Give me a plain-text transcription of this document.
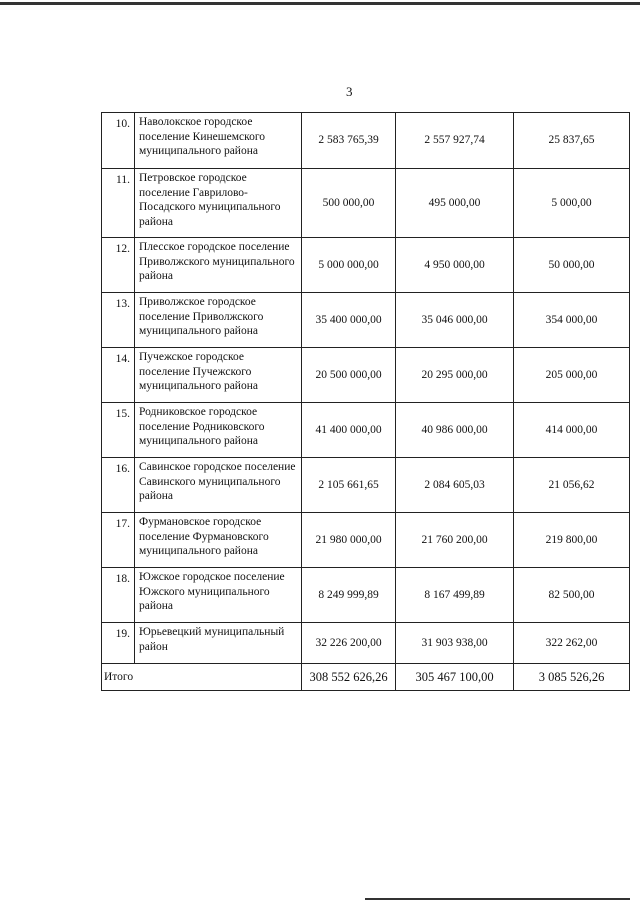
3
10.	Наволокское городское поселение Кинешемского муниципального района	2 583 765,39	2 557 927,74	25 837,65
11.	Петровское городское поселение Гаврилово-Посадского муниципального района	500 000,00	495 000,00	5 000,00
12.	Плесское городское поселение Приволжского муниципального района	5 000 000,00	4 950 000,00	50 000,00
13.	Приволжское городское поселение Приволжского муниципального района	35 400 000,00	35 046 000,00	354 000,00
14.	Пучежское городское поселение Пучежского муниципального района	20 500 000,00	20 295 000,00	205 000,00
15.	Родниковское городское поселение Родниковского муниципального района	41 400 000,00	40 986 000,00	414 000,00
16.	Савинское городское поселение Савинского муниципального района	2 105 661,65	2 084 605,03	21 056,62
17.	Фурмановское городское поселение Фурмановского муниципального района	21 980 000,00	21 760 200,00	219 800,00
18.	Южское городское поселение Южского муниципального района	8 249 999,89	8 167 499,89	82 500,00
19.	Юрьевецкий муниципальный район	32 226 200,00	31 903 938,00	322 262,00
Итого		308 552 626,26	305 467 100,00	3 085 526,26
